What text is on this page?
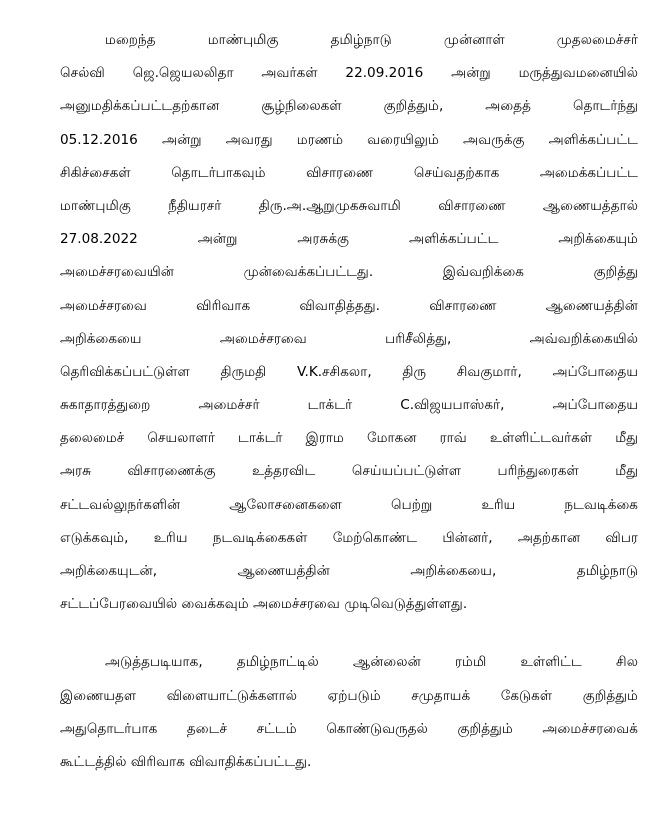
மறைந்த மாண்புமிகு தமிழ்நாடு முன்னாள் முதலமைச்சர்
செல்வி ஜெ.ஜெயலலிதா அவர்கள் 22.09.2016 அன்று மருத்துவமனையில்
அனுமதிக்கப்பட்டதற்கான சூழ்நிலைகள் குறித்தும், அதைத் தொடர்ந்து
05.12.2016 அன்று அவரது மரணம் வரையிலும் அவருக்கு அளிக்கப்பட்ட
சிகிச்சைகள் தொடர்பாகவும் விசாரணை செய்வதற்காக அமைக்கப்பட்ட
மாண்புமிகு நீதியரசர் திரு.அ.ஆறுமுகசுவாமி விசாரணை ஆணையத்தால்
27.08.2022 அன்று அரசுக்கு அளிக்கப்பட்ட அறிக்கையும்
அமைச்சரவையின் முன்வைக்கப்பட்டது. இவ்வறிக்கை குறித்து
அமைச்சரவை விரிவாக விவாதித்தது. விசாரணை ஆணையத்தின்
அறிக்கையை அமைச்சரவை பரிசீலித்து, அவ்வறிக்கையில்
தெரிவிக்கப்பட்டுள்ள திருமதி V.K.சசிகலா, திரு சிவகுமார், அப்போதைய
சுகாதாரத்துறை அமைச்சர் டாக்டர் C.விஜயபாஸ்கர், அப்போதைய
தலைமைச் செயலாளர் டாக்டர் இராம மோகன ராவ் உள்ளிட்டவர்கள் மீது
அரசு விசாரணைக்கு உத்தரவிட செய்யப்பட்டுள்ள பரிந்துரைகள் மீது
சட்டவல்லுநர்களின் ஆலோசனைகளை பெற்று உரிய நடவடிக்கை
எடுக்கவும், உரிய நடவடிக்கைகள் மேற்கொண்ட பின்னர், அதற்கான விபர
அறிக்கையுடன், ஆணையத்தின் அறிக்கையை, தமிழ்நாடு
சட்டப்பேரவையில் வைக்கவும் அமைச்சரவை முடிவெடுத்துள்ளது.
அடுத்தபடியாக, தமிழ்நாட்டில் ஆன்லைன் ரம்மி உள்ளிட்ட சில
இணையதள விளையாட்டுக்களால் ஏற்படும் சமுதாயக் கேடுகள் குறித்தும்
அதுதொடர்பாக தடைச் சட்டம் கொண்டுவருதல் குறித்தும் அமைச்சரவைக்
கூட்டத்தில் விரிவாக விவாதிக்கப்பட்டது.
